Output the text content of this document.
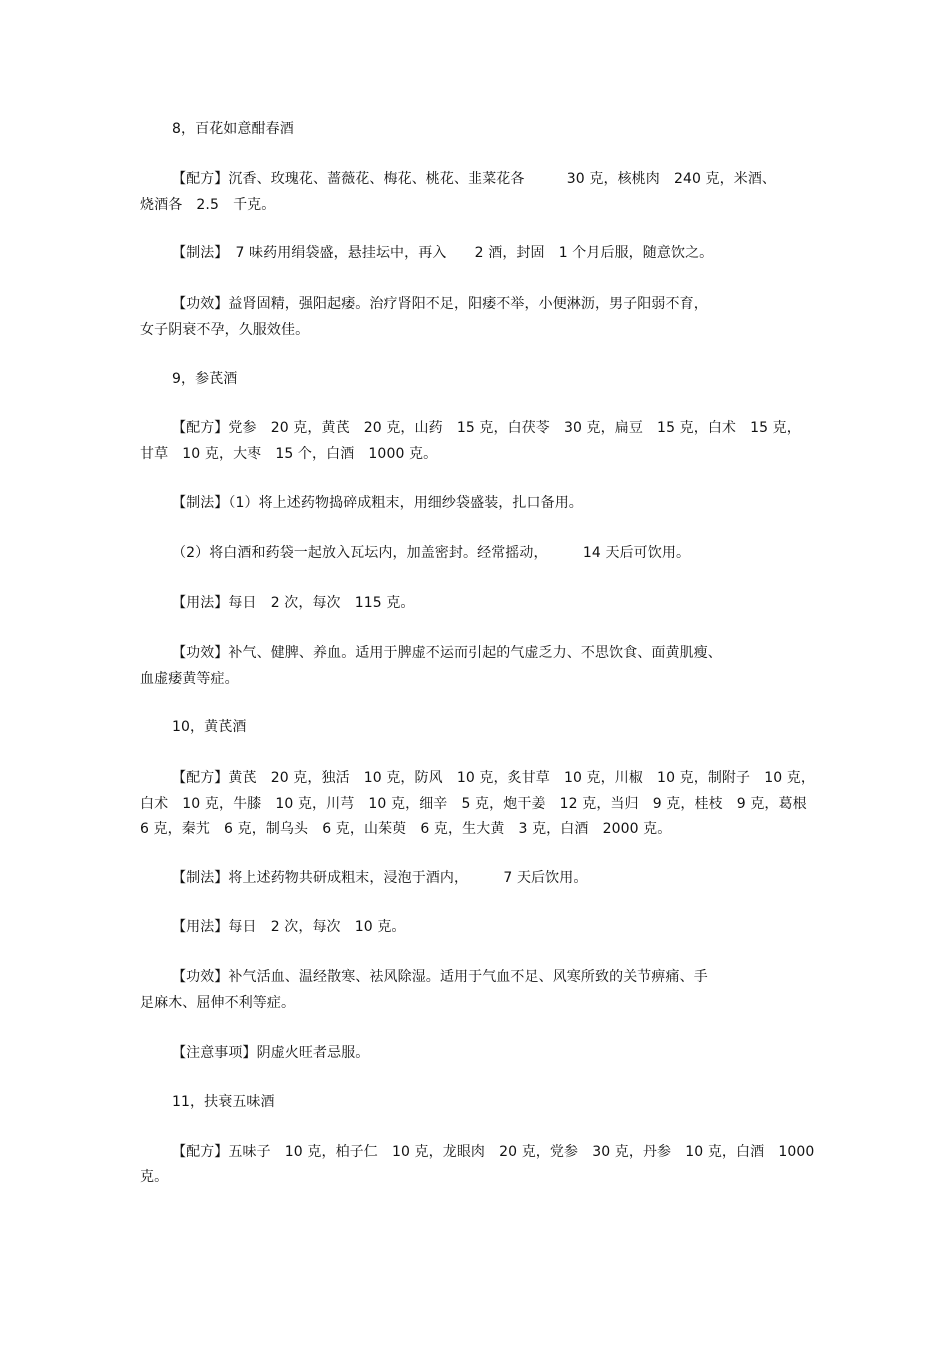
8，百花如意酣春酒
【配方】沉香、玫瑰花、蔷薇花、梅花、桃花、韭菜花各　　　30 克，核桃肉　240 克，米酒、
烧酒各　2.5　千克。
【制法】　7 味药用绢袋盛，悬挂坛中，再入　　2 酒，封固　1 个月后服，随意饮之。
【功效】益肾固精，强阳起痿。治疗肾阳不足，阳痿不举，小便淋沥，男子阳弱不育，
女子阴衰不孕，久服效佳。
9，参芪酒
【配方】党参　20 克，黄芪　20 克，山药　15 克，白茯苓　30 克，扁豆　15 克，白术　15 克，
甘草　10 克，大枣　15 个，白酒　1000 克。
【制法】（1）将上述药物捣碎成粗末，用细纱袋盛装，扎口备用。
（2）将白酒和药袋一起放入瓦坛内，加盖密封。经常摇动，　　　14 天后可饮用。
【用法】每日　2 次，每次　115 克。
【功效】补气、健脾、养血。适用于脾虚不运而引起的气虚乏力、不思饮食、面黄肌瘦、
血虚痿黄等症。
10，黄芪酒
【配方】黄芪　20 克，独活　10 克，防风　10 克，炙甘草　10 克，川椒　10 克，制附子　10 克，
白术　10 克，牛膝　10 克，川芎　10 克，细辛　5 克，炮干姜　12 克，当归　9 克，桂枝　9 克，葛根
6 克，秦艽　6 克，制乌头　6 克，山茱萸　6 克，生大黄　3 克，白酒　2000 克。
【制法】将上述药物共研成粗末，浸泡于酒内，　　　7 天后饮用。
【用法】每日　2 次，每次　10 克。
【功效】补气活血、温经散寒、祛风除湿。适用于气血不足、风寒所致的关节痹痛、手
足麻木、屈伸不利等症。
【注意事项】阴虚火旺者忌服。
11，扶衰五味酒
【配方】五味子　10 克，柏子仁　10 克，龙眼肉　20 克，党参　30 克，丹参　10 克，白酒　1000
克。
